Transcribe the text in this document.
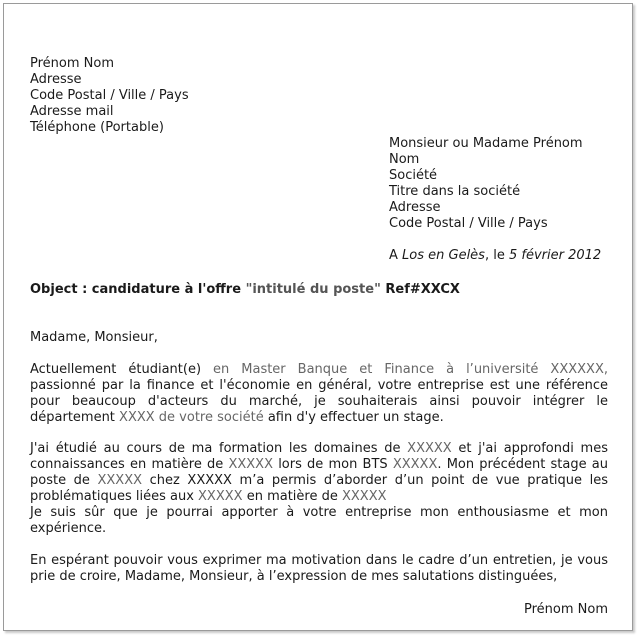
Prénom Nom
Adresse
Code Postal / Ville / Pays
Adresse mail
Téléphone (Portable)
Monsieur ou Madame Prénom
Nom
Société
Titre dans la société
Adresse
Code Postal / Ville / Pays
A Los en Gelès, le 5 février 2012
Object : candidature à l'offre "intitulé du poste" Ref#XXCX
Madame, Monsieur,
Actuellement étudiant(e) en Master Banque et Finance à l’université XXXXXX,
passionné par la finance et l'économie en général, votre entreprise est une référence
pour beaucoup d'acteurs du marché, je souhaiterais ainsi pouvoir intégrer le
département XXXX de votre société afin d'y effectuer un stage.
J'ai étudié au cours de ma formation les domaines de XXXXX et j'ai approfondi mes
connaissances en matière de XXXXX lors de mon BTS XXXXX. Mon précédent stage au
poste de XXXXX chez XXXXX m’a permis d’aborder d’un point de vue pratique les
problématiques liées aux XXXXX en matière de XXXXX
Je suis sûr que je pourrai apporter à votre entreprise mon enthousiasme et mon
expérience.
En espérant pouvoir vous exprimer ma motivation dans le cadre d’un entretien, je vous
prie de croire, Madame, Monsieur, à l’expression de mes salutations distinguées,
Prénom Nom
